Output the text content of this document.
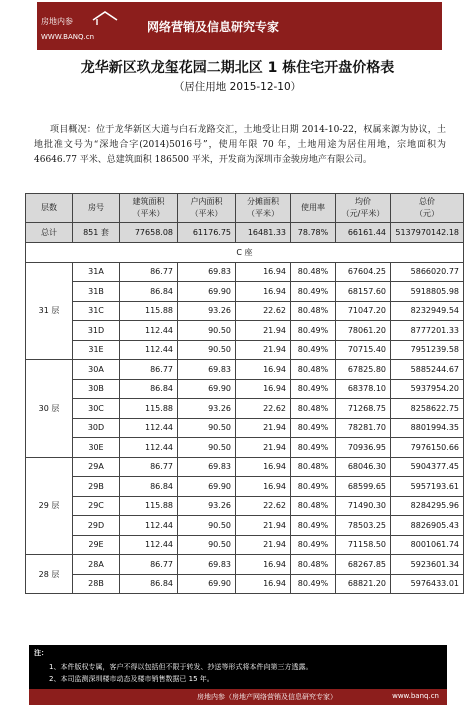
房地内参
WWW.BANQ.cn
网络营销及信息研究专家
龙华新区玖龙玺花园二期北区 1 栋住宅开盘价格表
（居住用地 2015-12-10）
项目概况：位于龙华新区大道与白石龙路交汇，土地受让日期 2014-10-22，权属来源为协议，土地批准文号为“深地合字(2014)5016号”，使用年限 70 年，土地用途为居住用地，宗地面积为 46646.77 平米、总建筑面积 186500 平米，开发商为深圳市金骏房地产有限公司。
层数	房号	建筑面积
（平米）	户内面积
（平米）	分摊面积
（平米）	使用率	均价
（元/平米）	总价
（元）
总计	851 套	77658.08	61176.75	16481.33	78.78%	66161.44	5137970142.18
C 座							
31 层	31A	86.77	69.83	16.94	80.48%	67604.25	5866020.77
	31B	86.84	69.90	16.94	80.49%	68157.60	5918805.98
	31C	115.88	93.26	22.62	80.48%	71047.20	8232949.54
	31D	112.44	90.50	21.94	80.49%	78061.20	8777201.33
	31E	112.44	90.50	21.94	80.49%	70715.40	7951239.58
30 层	30A	86.77	69.83	16.94	80.48%	67825.80	5885244.67
	30B	86.84	69.90	16.94	80.49%	68378.10	5937954.20
	30C	115.88	93.26	22.62	80.48%	71268.75	8258622.75
	30D	112.44	90.50	21.94	80.49%	78281.70	8801994.35
	30E	112.44	90.50	21.94	80.49%	70936.95	7976150.66
29 层	29A	86.77	69.83	16.94	80.48%	68046.30	5904377.45
	29B	86.84	69.90	16.94	80.49%	68599.65	5957193.61
	29C	115.88	93.26	22.62	80.48%	71490.30	8284295.96
	29D	112.44	90.50	21.94	80.49%	78503.25	8826905.43
	29E	112.44	90.50	21.94	80.49%	71158.50	8001061.74
28 层	28A	86.77	69.83	16.94	80.48%	68267.85	5923601.34
	28B	86.84	69.90	16.94	80.49%	68821.20	5976433.01
注：
1、本件版权专属，客户不得以包括但不限于转发、抄送等形式将本件向第三方透露。
2、本司监测深圳楼市动态及楼市销售数据已 15 年。
房地内参（房地产网络营销及信息研究专家）	www.banq.cn
